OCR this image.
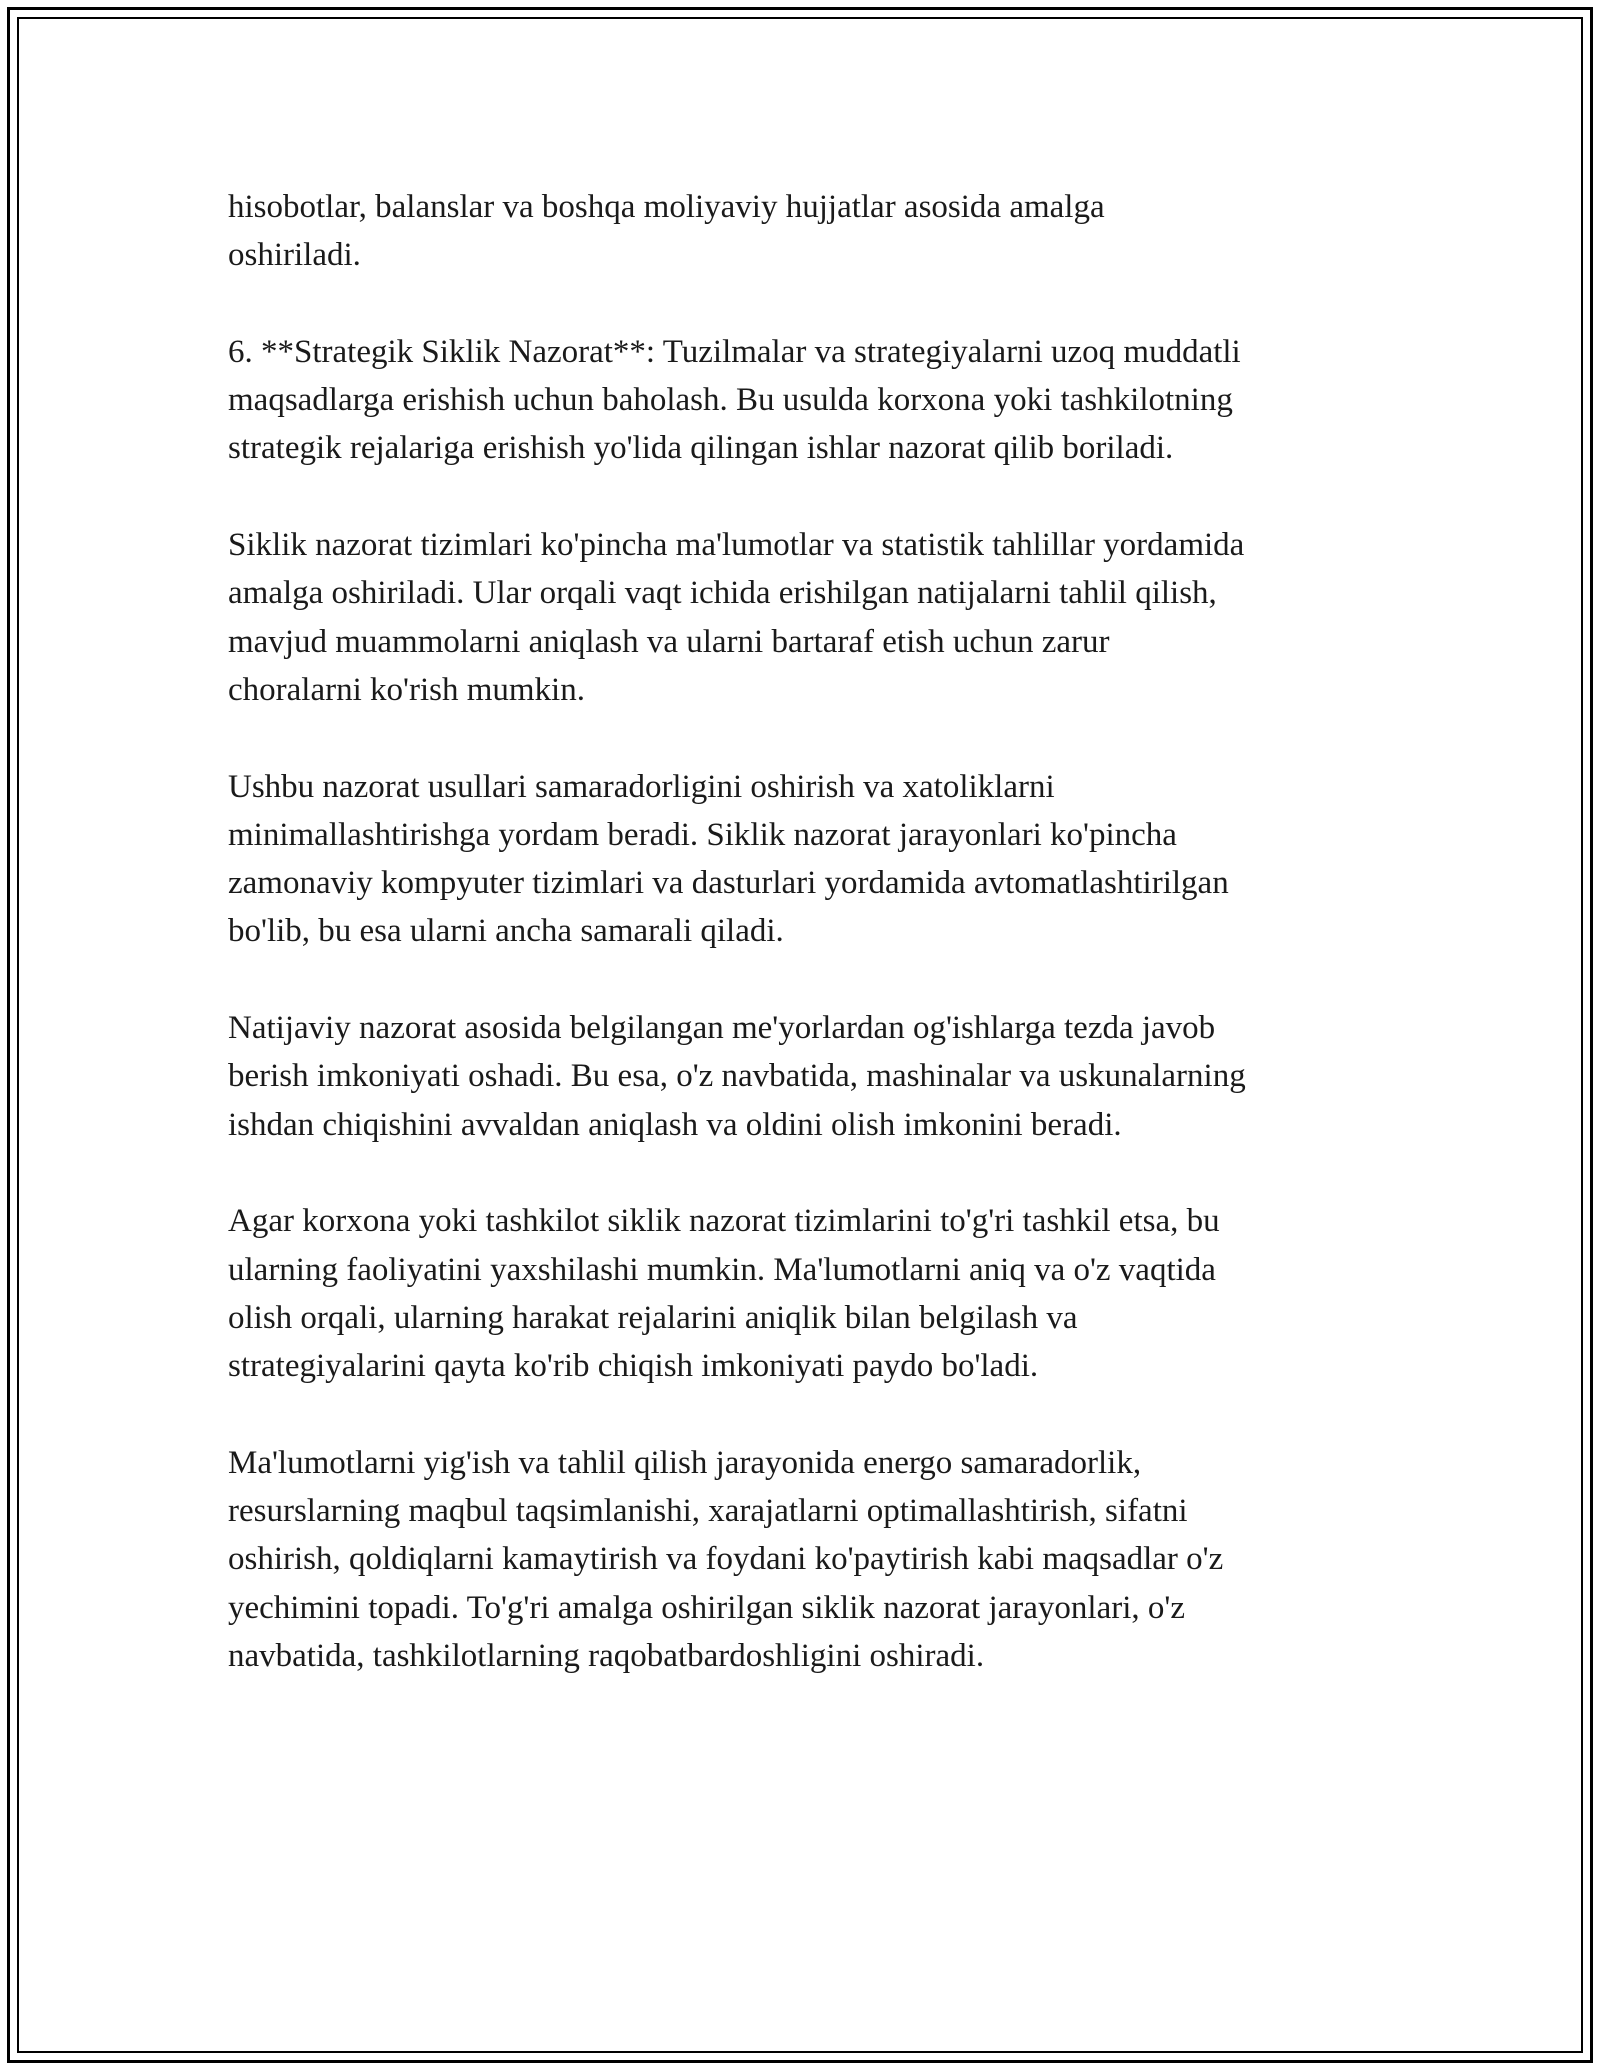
hisobotlar, balanslar va boshqa moliyaviy hujjatlar asosida amalga
oshiriladi.

6. **Strategik Siklik Nazorat**: Tuzilmalar va strategiyalarni uzoq muddatli
maqsadlarga erishish uchun baholash. Bu usulda korxona yoki tashkilotning
strategik rejalariga erishish yo'lida qilingan ishlar nazorat qilib boriladi.

Siklik nazorat tizimlari ko'pincha ma'lumotlar va statistik tahlillar yordamida
amalga oshiriladi. Ular orqali vaqt ichida erishilgan natijalarni tahlil qilish,
mavjud muammolarni aniqlash va ularni bartaraf etish uchun zarur
choralarni ko'rish mumkin.

Ushbu nazorat usullari samaradorligini oshirish va xatoliklarni
minimallashtirishga yordam beradi. Siklik nazorat jarayonlari ko'pincha
zamonaviy kompyuter tizimlari va dasturlari yordamida avtomatlashtirilgan
bo'lib, bu esa ularni ancha samarali qiladi.

Natijaviy nazorat asosida belgilangan me'yorlardan og'ishlarga tezda javob
berish imkoniyati oshadi. Bu esa, o'z navbatida, mashinalar va uskunalarning
ishdan chiqishini avvaldan aniqlash va oldini olish imkonini beradi.

Agar korxona yoki tashkilot siklik nazorat tizimlarini to'g'ri tashkil etsa, bu
ularning faoliyatini yaxshilashi mumkin. Ma'lumotlarni aniq va o'z vaqtida
olish orqali, ularning harakat rejalarini aniqlik bilan belgilash va
strategiyalarini qayta ko'rib chiqish imkoniyati paydo bo'ladi.

Ma'lumotlarni yig'ish va tahlil qilish jarayonida energo samaradorlik,
resurslarning maqbul taqsimlanishi, xarajatlarni optimallashtirish, sifatni
oshirish, qoldiqlarni kamaytirish va foydani ko'paytirish kabi maqsadlar o'z
yechimini topadi. To'g'ri amalga oshirilgan siklik nazorat jarayonlari, o'z
navbatida, tashkilotlarning raqobatbardoshligini oshiradi.
